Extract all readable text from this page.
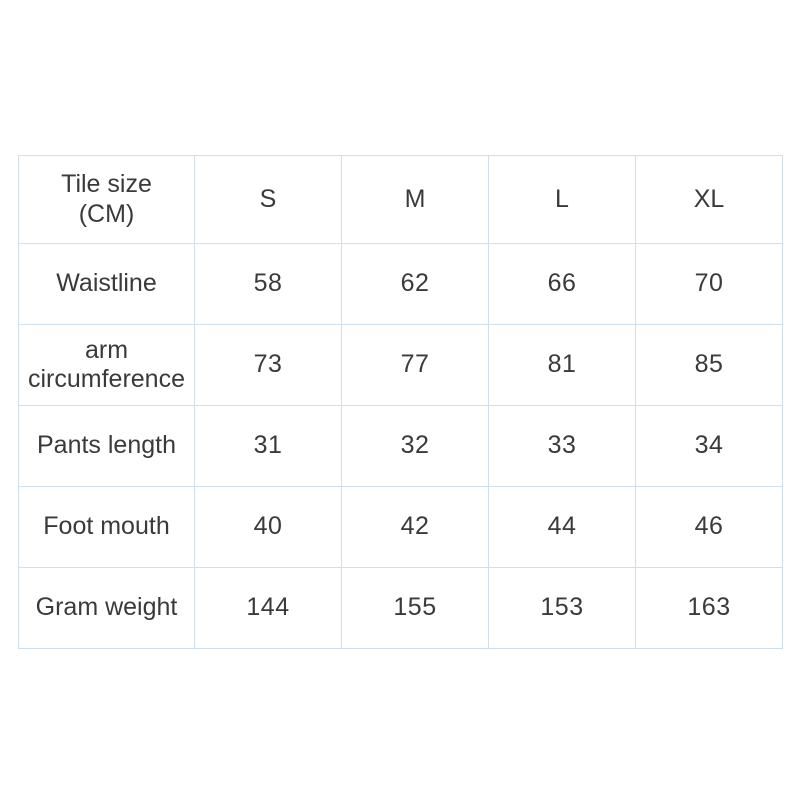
Tile size
(CM)	S	M	L	XL

Waistline	58	62	66	70

arm
circumference	73	77	81	85

Pants length	31	32	33	34

Foot mouth	40	42	44	46

Gram weight	144	155	153	163
